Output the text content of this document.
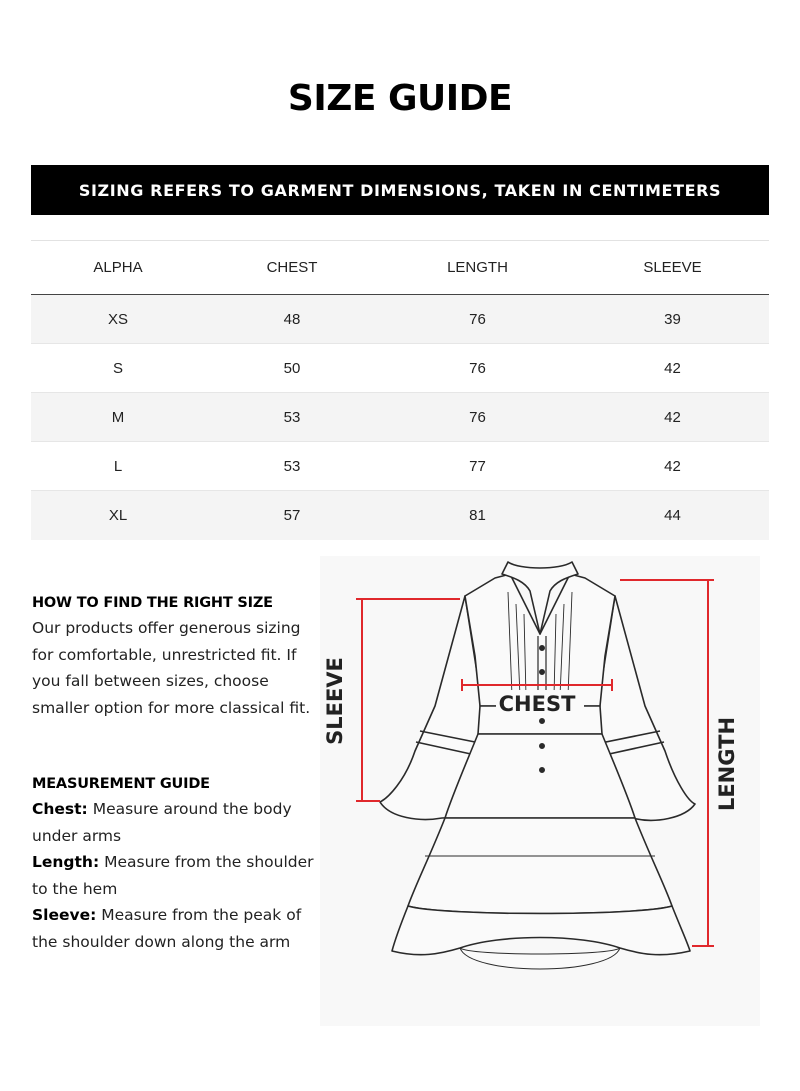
SIZE GUIDE
SIZING REFERS TO GARMENT DIMENSIONS, TAKEN IN CENTIMETERS
ALPHA	CHEST	LENGTH	SLEEVE
XS	48	76	39
S	50	76	42
M	53	76	42
L	53	77	42
XL	57	81	44
HOW TO FIND THE RIGHT SIZE

Our products offer generous sizing for comfortable, unrestricted fit. If you fall between sizes, choose smaller option for more classical fit.

MEASUREMENT GUIDE
Chest: Measure around the body under arms
Length: Measure from the shoulder to the hem
Sleeve: Measure from the peak of the shoulder down along the arm
SLEEVE	CHEST
LENGTH
